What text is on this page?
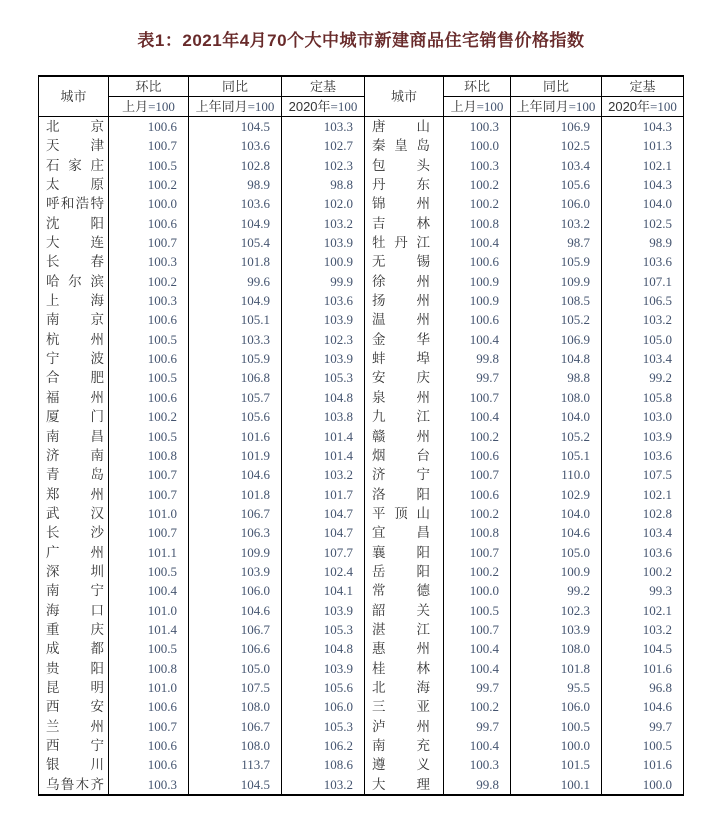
表1：2021年4月70个大中城市新建商品住宅销售价格指数
城市	环比	同比	定基	城市	环比	同比	定基
	上月=100	上年同月=100	2020年=100		上月=100	上年同月=100	2020年=100

北京	100.6	104.5	103.3	唐山	100.3	106.9	104.3

天津	100.7	103.6	102.7	秦皇岛	100.0	102.5	101.3

石家庄	100.5	102.8	102.3	包头	100.3	103.4	102.1

太原	100.2	98.9	98.8	丹东	100.2	105.6	104.3

呼和浩特	100.0	103.6	102.0	锦州	100.2	106.0	104.0

沈阳	100.6	104.9	103.2	吉林	100.8	103.2	102.5

大连	100.7	105.4	103.9	牡丹江	100.4	98.7	98.9

长春	100.3	101.8	100.9	无锡	100.6	105.9	103.6

哈尔滨	100.2	99.6	99.9	徐州	100.9	109.9	107.1

上海	100.3	104.9	103.6	扬州	100.9	108.5	106.5

南京	100.6	105.1	103.9	温州	100.6	105.2	103.2

杭州	100.5	103.3	102.3	金华	100.4	106.9	105.0

宁波	100.6	105.9	103.9	蚌埠	99.8	104.8	103.4

合肥	100.5	106.8	105.3	安庆	99.7	98.8	99.2

福州	100.6	105.7	104.8	泉州	100.7	108.0	105.8

厦门	100.2	105.6	103.8	九江	100.4	104.0	103.0

南昌	100.5	101.6	101.4	赣州	100.2	105.2	103.9

济南	100.8	101.9	101.4	烟台	100.6	105.1	103.6

青岛	100.7	104.6	103.2	济宁	100.7	110.0	107.5

郑州	100.7	101.8	101.7	洛阳	100.6	102.9	102.1

武汉	101.0	106.7	104.7	平顶山	100.2	104.0	102.8

长沙	100.7	106.3	104.7	宜昌	100.8	104.6	103.4

广州	101.1	109.9	107.7	襄阳	100.7	105.0	103.6

深圳	100.5	103.9	102.4	岳阳	100.2	100.9	100.2

南宁	100.4	106.0	104.1	常德	100.0	99.2	99.3

海口	101.0	104.6	103.9	韶关	100.5	102.3	102.1

重庆	101.4	106.7	105.3	湛江	100.7	103.9	103.2

成都	100.5	106.6	104.8	惠州	100.4	108.0	104.5

贵阳	100.8	105.0	103.9	桂林	100.4	101.8	101.6

昆明	101.0	107.5	105.6	北海	99.7	95.5	96.8

西安	100.6	108.0	106.0	三亚	100.2	106.0	104.6

兰州	100.7	106.7	105.3	泸州	99.7	100.5	99.7

西宁	100.6	108.0	106.2	南充	100.4	100.0	100.5

银川	100.6	113.7	108.6	遵义	100.3	101.5	101.6

乌鲁木齐	100.3	104.5	103.2	大理	99.8	100.1	100.0
